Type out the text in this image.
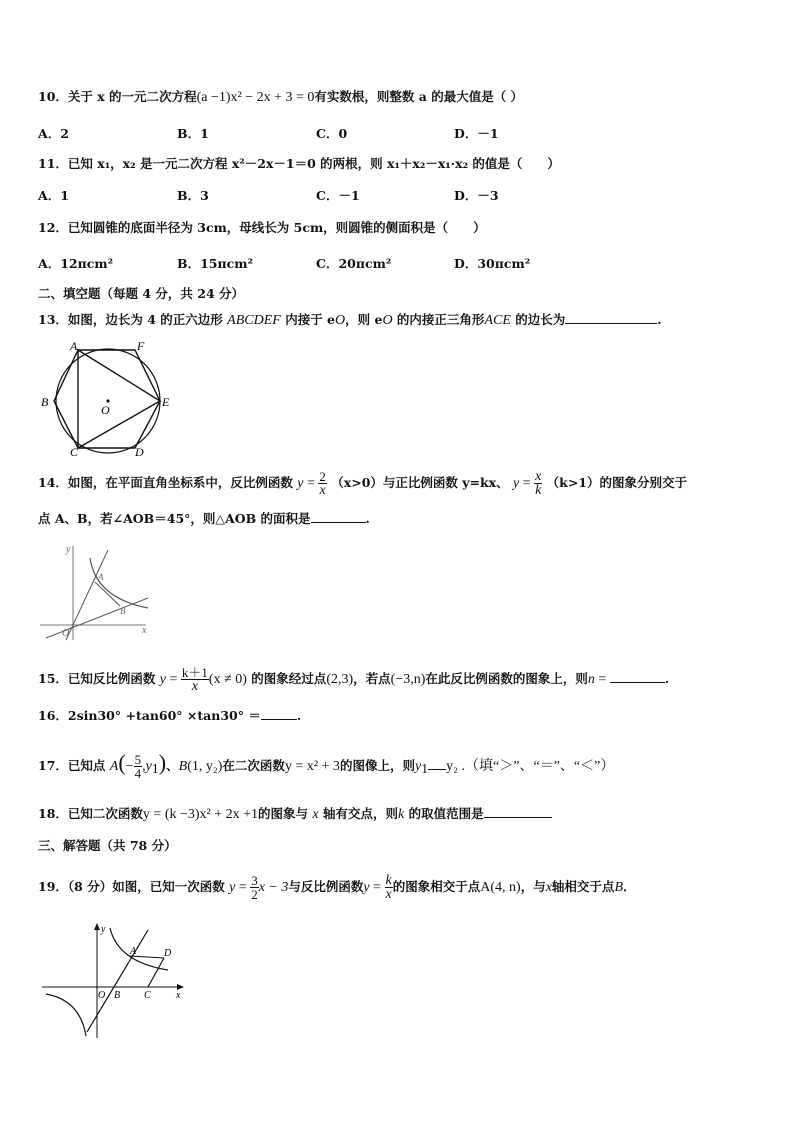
10．关于 x 的一元二次方程(a −1)x² − 2x + 3 = 0有实数根，则整数 a 的最大值是（ ）
A．2	B．1	C．0	D．－1
11．已知 x₁，x₂ 是一元二次方程 x²－2x－1＝0 的两根，则 x₁＋x₂－x₁·x₂ 的值是（　　）
A．1	B．3	C．－1	D．－3
12．已知圆锥的底面半径为 3cm，母线长为 5cm，则圆锥的侧面积是（　　）
A．12πcm²	B．15πcm²	C．20πcm²	D．30πcm²
二、填空题（每题 4 分，共 24 分）
13．如图，边长为 4 的正六边形 ABCDEF 内接于 eO，则 eO 的内接正三角形ACE 的边长为	.
A	F
B	E
C	D
O
14．如图，在平面直角坐标系中，反比例函数 $y = \frac{2}{x} (x>0)$与正比例函数 y=kx、 $y = \frac{x}{k} (k>1)$的图象分别交于
点 A、B，若∠AOB＝45°，则△AOB 的面积是	.
y
x
O
A
B
15．已知反比例函数 $y = \frac{k+1}{x} (x \ne 0)$ 的图象经过点(2,3)，若点(−3,n)在此反比例函数的图象上，则n =	.
16．2sin30° +tan60° ×tan30° ＝	.
17．已知点 $A(- \frac{5}{4} ,y_1)$、B(1, y₂)在二次函数y = x² + 3的图像上，则$y_1$ y₂ .（填“＞”、“＝”、“＜”）
18．已知二次函数y = (k −3)x² + 2x +1的图象与 x 轴有交点，则k 的取值范围是
三、解答题（共 78 分）
19．（8 分）如图，已知一次函数 $y = \frac{3}{2}$ x − 3与反比例函数$y = \frac{k}{x}$ 的图象相交于点A(4, n)，与x轴相交于点B．
y
x
O B C
A	D
